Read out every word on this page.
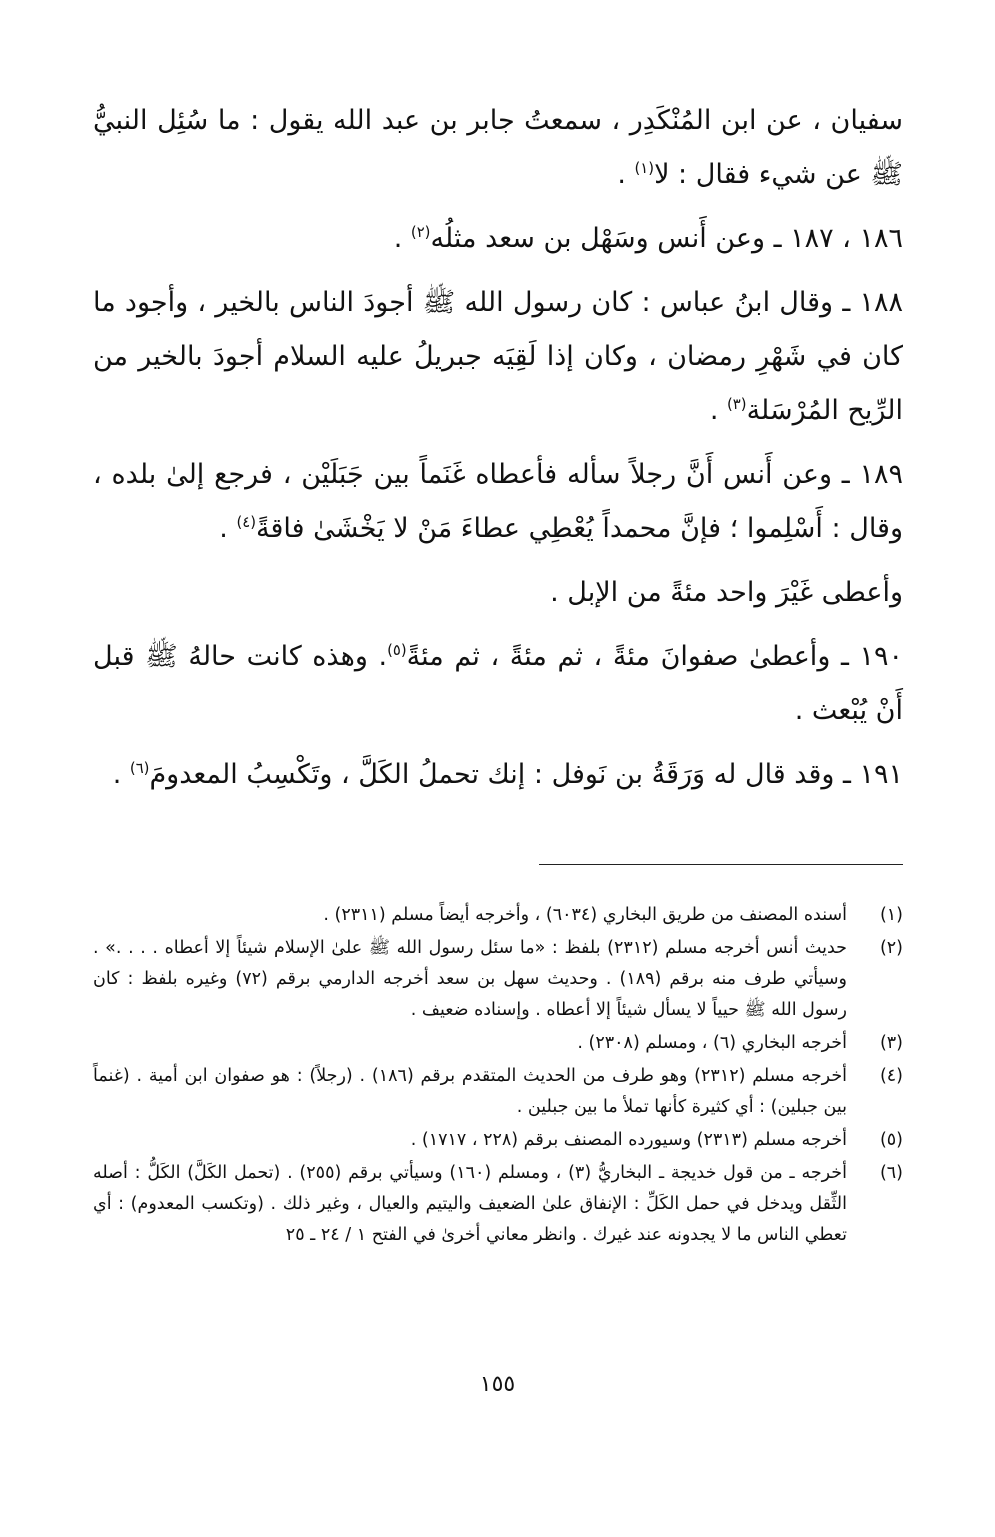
سفيان ، عن ابن المُنْكَدِر ، سمعتُ جابر بن عبد الله يقول : ما سُئِل النبيُّ ﷺ عن شيء فقال : لا$^{(١)}$ .

١٨٦ ، ١٨٧ ـ وعن أَنس وسَهْل بن سعد مثلُه$^{(٢)}$ .

١٨٨ ـ وقال ابنُ عباس : كان رسول الله ﷺ أجودَ الناس بالخير ، وأجود ما كان في شَهْرِ رمضان ، وكان إذا لَقِيَه جبريلُ عليه السلام أجودَ بالخير من الرِّيح المُرْسَلة$^{(٣)}$ .

١٨٩ ـ وعن أَنس أَنَّ رجلاً سأله فأعطاه غَنَماً بين جَبَلَيْن ، فرجع إلىٰ بلده ، وقال : أَسْلِموا ؛ فإنَّ محمداً يُعْطِي عطاءَ مَنْ لا يَخْشَىٰ فاقةً$^{(٤)}$ .

وأعطى غَيْرَ واحد مئةً من الإبل .

١٩٠ ـ وأعطىٰ صفوانَ مئةً ، ثم مئةً ، ثم مئةً$^{(٥)}$. وهذه كانت حالهُ ﷺ قبل أَنْ يُبْعث .

١٩١ ـ وقد قال له وَرَقَةُ بن نَوفل : إنك تحملُ الكَلَّ ، وتَكْسِبُ المعدومَ$^{(٦)}$ .

(١)
أسنده المصنف من طريق البخاري (٦٠٣٤) ، وأخرجه أيضاً مسلم (٢٣١١) .
(٢)
حديث أنس أخرجه مسلم (٢٣١٢) بلفظ : «ما سئل رسول الله ﷺ علىٰ الإسلام شيئاً إلا أعطاه . . . .» . وسيأتي طرف منه برقم (١٨٩) . وحديث سهل بن سعد أخرجه الدارمي برقم (٧٢) وغيره بلفظ : كان رسول الله ﷺ حيياً لا يسأل شيئاً إلا أعطاه . وإسناده ضعيف .
(٣)
أخرجه البخاري (٦) ، ومسلم (٢٣٠٨) .
(٤)
أخرجه مسلم (٢٣١٢) وهو طرف من الحديث المتقدم برقم (١٨٦) . (رجلاً) : هو صفوان ابن أمية . (غنماً بين جبلين) : أي كثيرة كأنها تملأ ما بين جبلين .
(٥)
أخرجه مسلم (٢٣١٣) وسيورده المصنف برقم (٢٢٨ ، ١٧١٧) .
(٦)
أخرجه ـ من قول خديجة ـ البخاريُّ (٣) ، ومسلم (١٦٠) وسيأتي برقم (٢٥٥) . (تحمل الكَلَّ) الكَلُّ : أصله الثِّقل ويدخل في حمل الكَلِّ : الإنفاق علىٰ الضعيف واليتيم والعيال ، وغير ذلك . (وتكسب المعدوم) : أي تعطي الناس ما لا يجدونه عند غيرك . وانظر معاني أخرىٰ في الفتح ١ / ٢٤ ـ ٢٥
١٥٥
